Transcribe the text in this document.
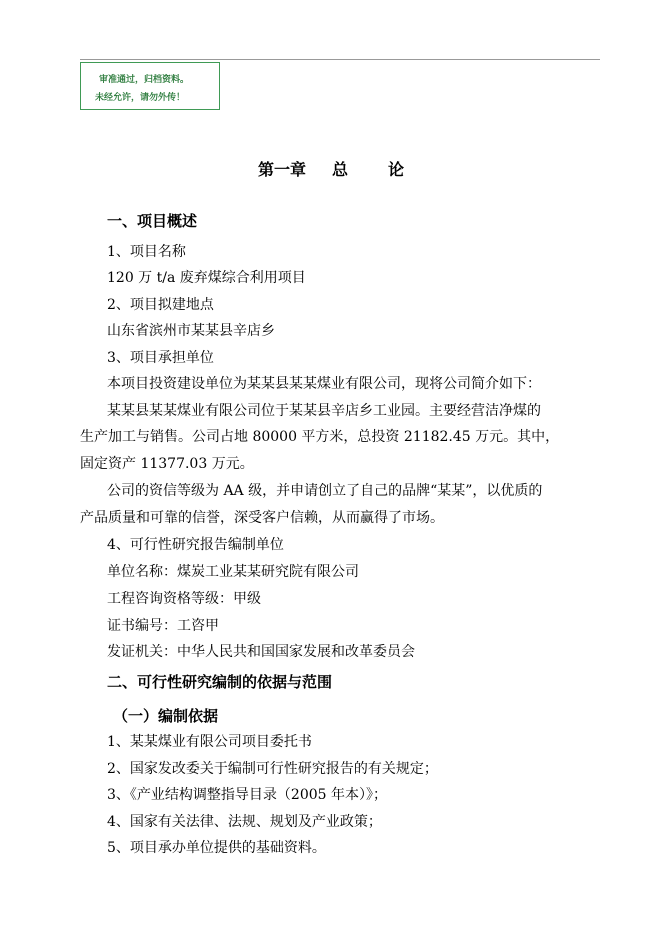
审准通过，归档资料。
未经允许，请勿外传！
第一章 总	论
一、项目概述
1、项目名称
120 万 t/a 废弃煤综合利用项目
2、项目拟建地点
山东省滨州市某某县辛店乡
3、项目承担单位
本项目投资建设单位为某某县某某煤业有限公司，现将公司简介如下：
某某县某某煤业有限公司位于某某县辛店乡工业园。主要经营洁净煤的
生产加工与销售。公司占地 80000 平方米，总投资 21182.45 万元。其中，
固定资产 11377.03 万元。
公司的资信等级为 AA 级，并申请创立了自己的品牌“某某”，以优质的
产品质量和可靠的信誉，深受客户信赖，从而赢得了市场。
4、可行性研究报告编制单位
单位名称：煤炭工业某某研究院有限公司
工程咨询资格等级：甲级
证书编号：工咨甲
发证机关：中华人民共和国国家发展和改革委员会
二、可行性研究编制的依据与范围
（一）编制依据
1、某某煤业有限公司项目委托书
2、国家发改委关于编制可行性研究报告的有关规定；
3、《产业结构调整指导目录（2005 年本）》；
4、国家有关法律、法规、规划及产业政策；
5、项目承办单位提供的基础资料。
